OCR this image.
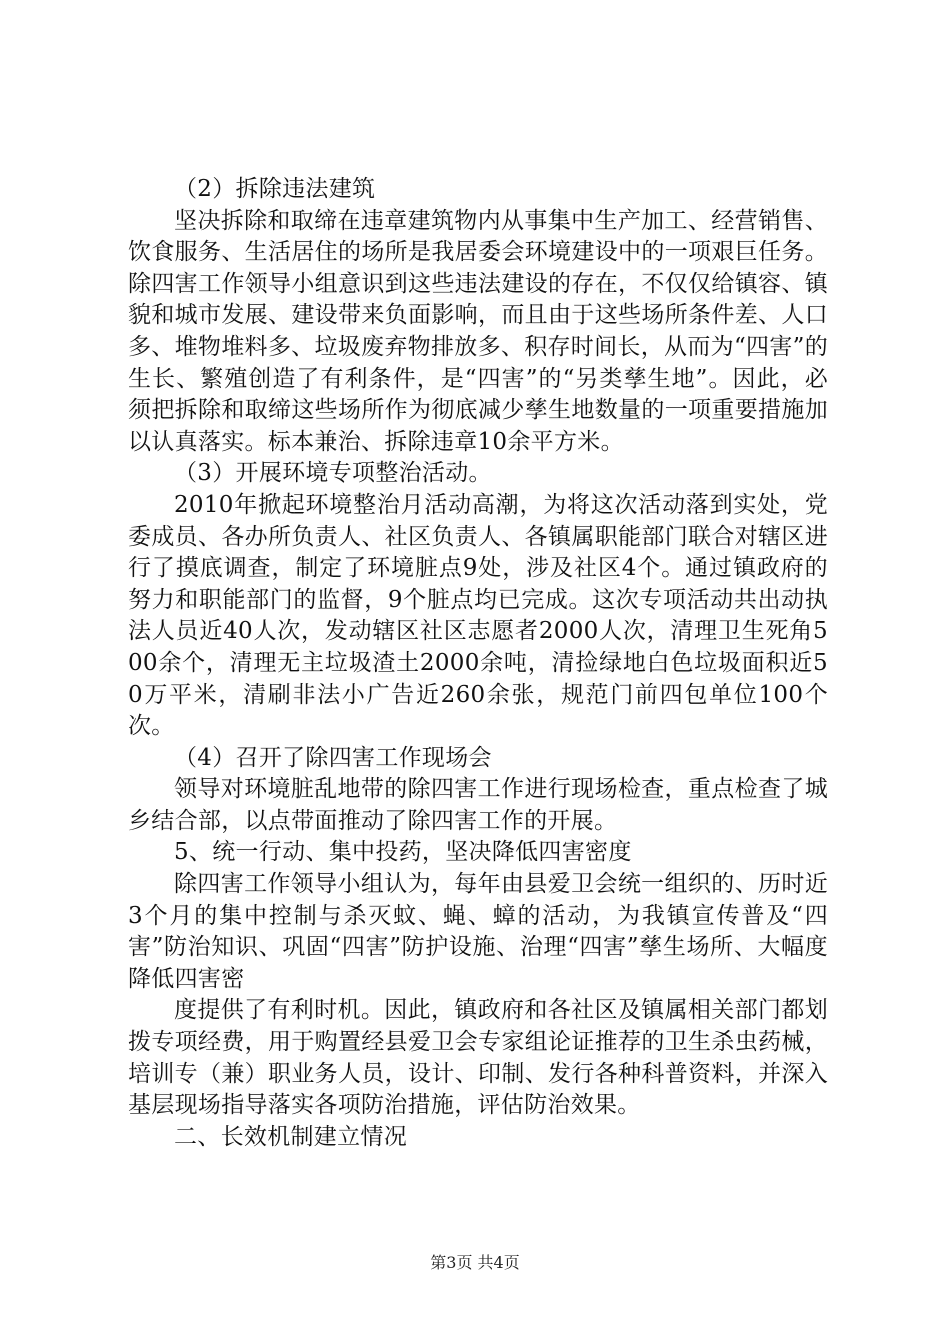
（2）拆除违法建筑

坚决拆除和取缔在违章建筑物内从事集中生产加工、经营销售、饮食服务、生活居住的场所是我居委会环境建设中的一项艰巨任务。除四害工作领导小组意识到这些违法建设的存在，不仅仅给镇容、镇貌和城市发展、建设带来负面影响，而且由于这些场所条件差、人口多、堆物堆料多、垃圾废弃物排放多、积存时间长，从而为“四害”的生长、繁殖创造了有利条件，是“四害”的“另类孳生地”。因此，必须把拆除和取缔这些场所作为彻底减少孳生地数量的一项重要措施加以认真落实。标本兼治、拆除违章10余平方米。

（3）开展环境专项整治活动。

2010年掀起环境整治月活动高潮，为将这次活动落到实处，党委成员、各办所负责人、社区负责人、各镇属职能部门联合对辖区进行了摸底调查，制定了环境脏点9处，涉及社区4个。通过镇政府的努力和职能部门的监督，9个脏点均已完成。这次专项活动共出动执法人员近40人次，发动辖区社区志愿者2000人次，清理卫生死角500余个，清理无主垃圾渣土2000余吨，清捡绿地白色垃圾面积近50万平米，清刷非法小广告近260余张，规范门前四包单位100个次。

（4）召开了除四害工作现场会

领导对环境脏乱地带的除四害工作进行现场检查，重点检查了城乡结合部，以点带面推动了除四害工作的开展。

5、统一行动、集中投药，坚决降低四害密度

除四害工作领导小组认为，每年由县爱卫会统一组织的、历时近3个月的集中控制与杀灭蚊、蝇、蟑的活动，为我镇宣传普及“四害”防治知识、巩固“四害”防护设施、治理“四害”孳生场所、大幅度降低四害密

度提供了有利时机。因此，镇政府和各社区及镇属相关部门都划拨专项经费，用于购置经县爱卫会专家组论证推荐的卫生杀虫药械，培训专（兼）职业务人员，设计、印制、发行各种科普资料，并深入基层现场指导落实各项防治措施，评估防治效果。

二、长效机制建立情况

第3页 共4页
